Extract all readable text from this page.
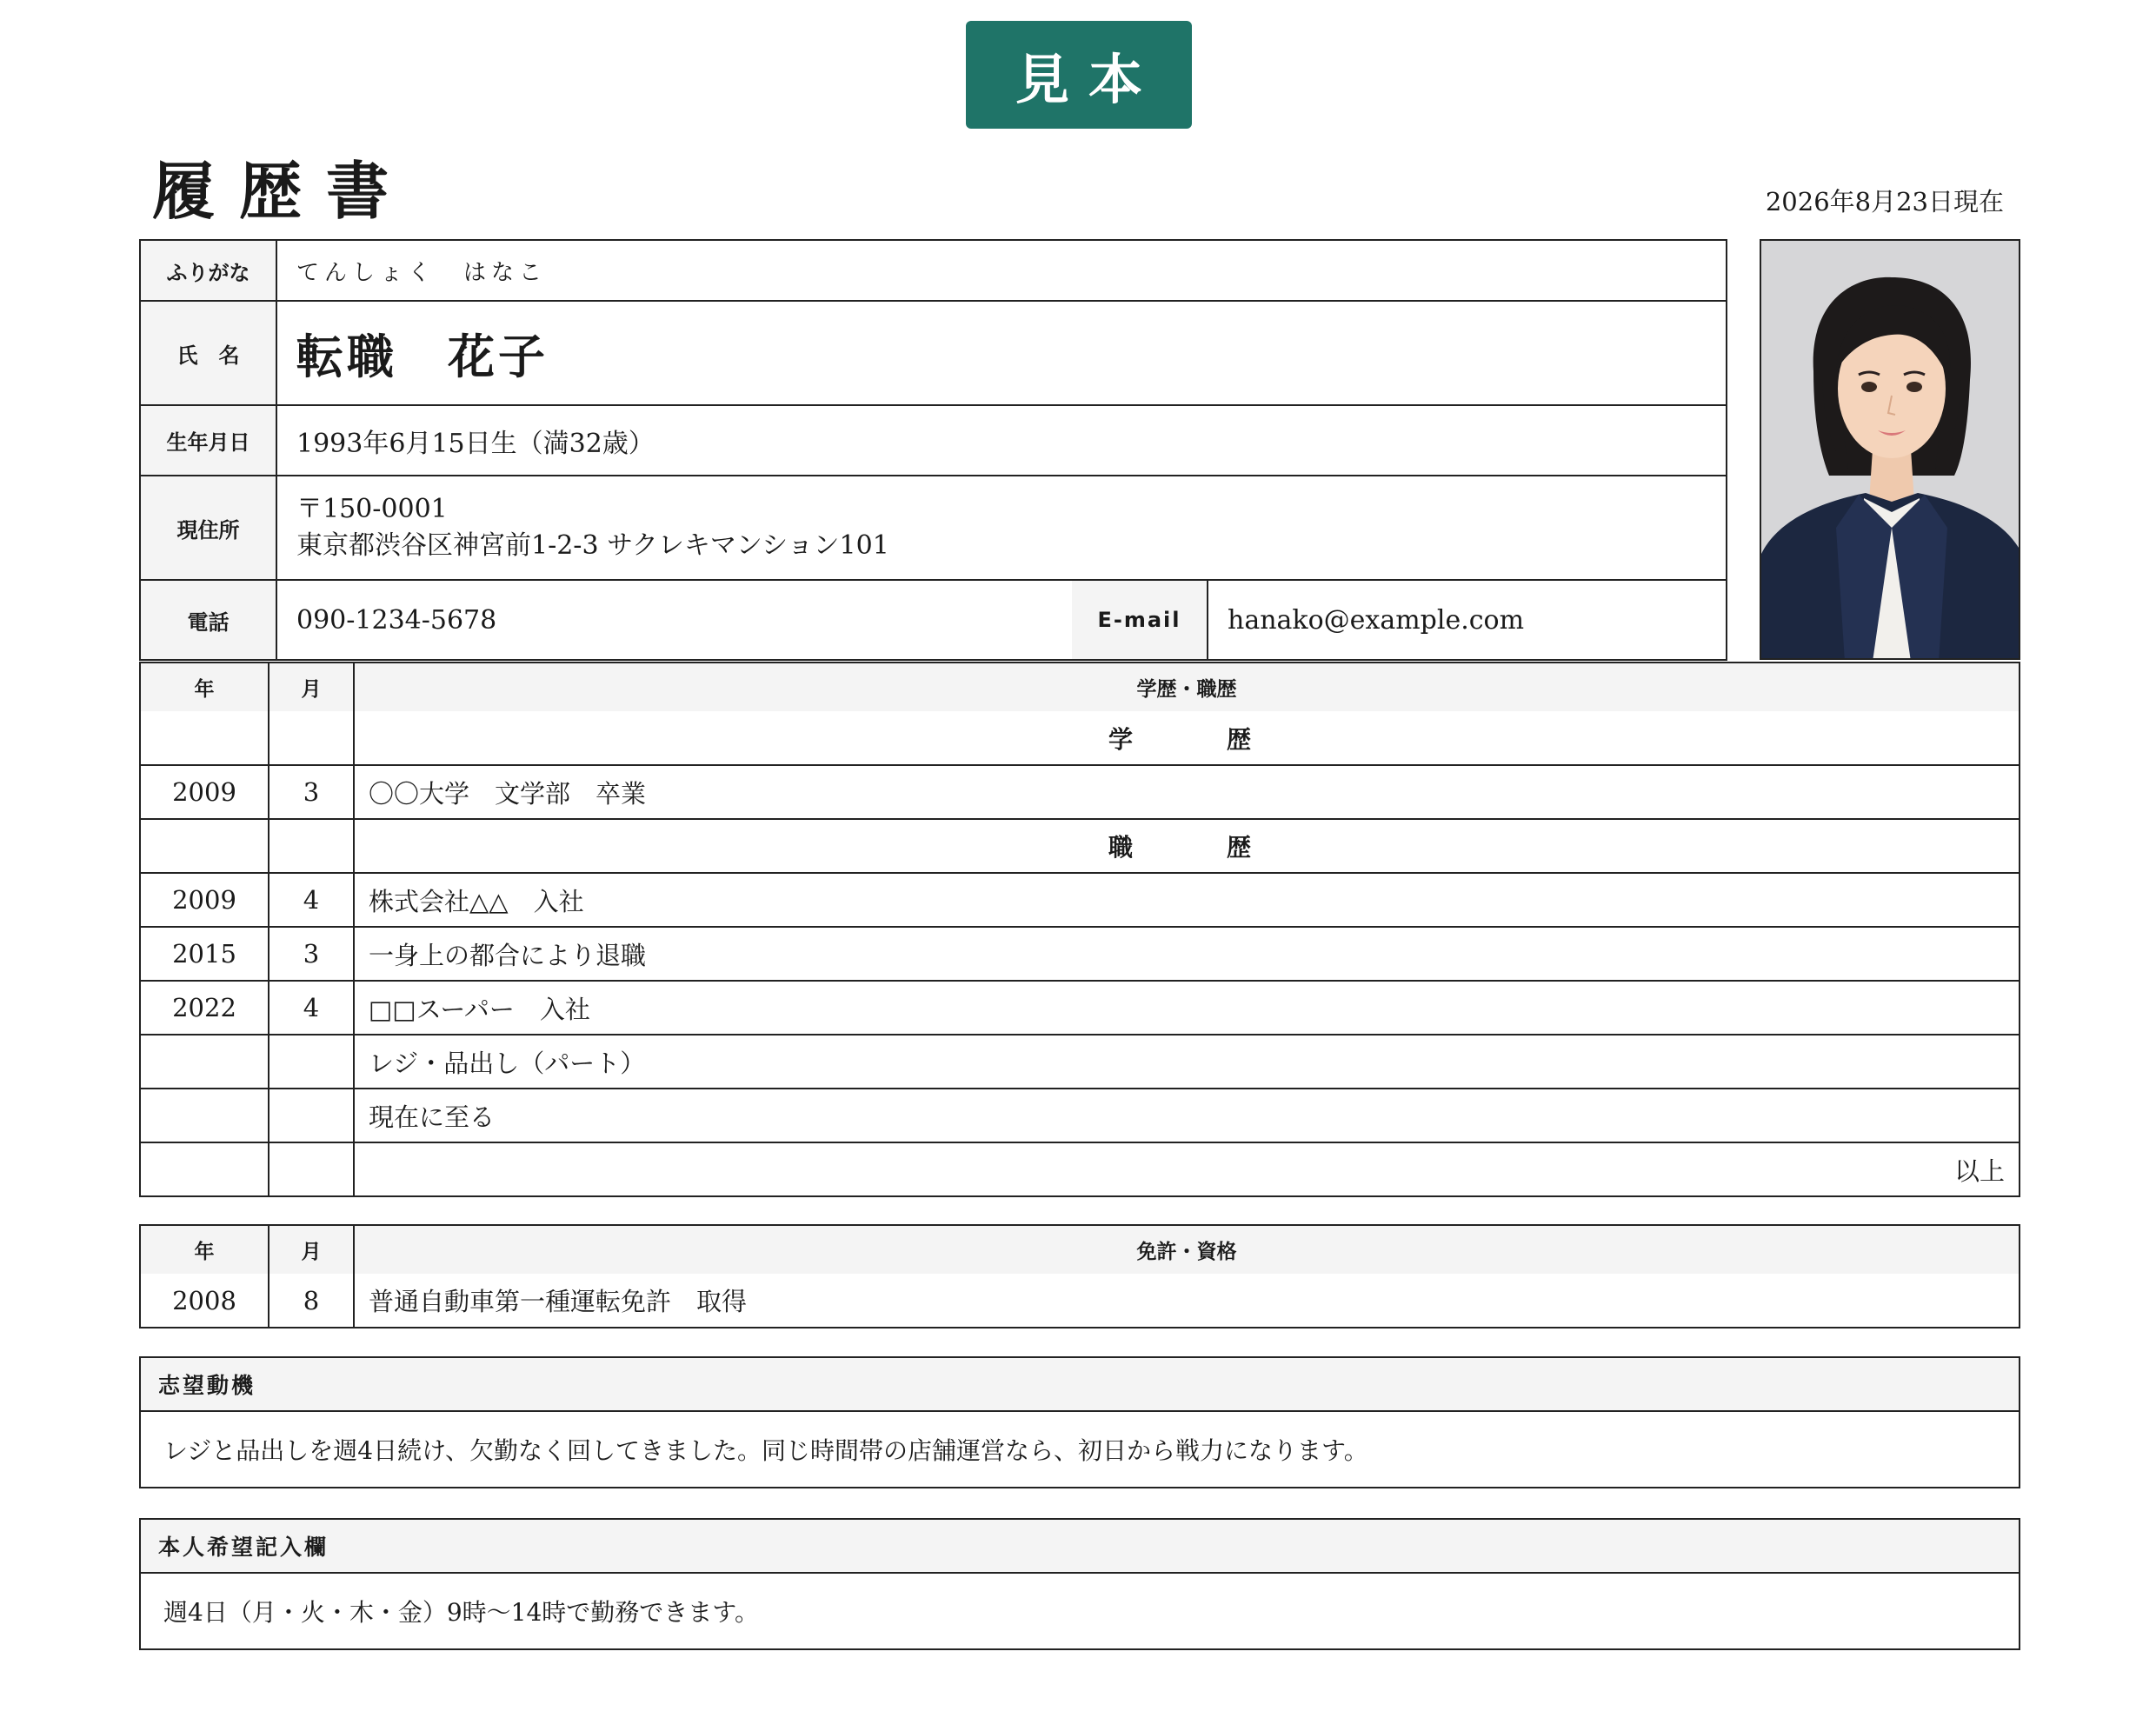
見本
履歴書	2026年8月23日現在
ふりがな	てんしょく　はなこ
氏　名	転職　花子
生年月日	1993年6月15日生（満32歳）
現住所
〒150-0001
東京都渋谷区神宮前1-2-3 サクレキマンション101
電話	090-1234-5678	E-mail	hanako@example.com
年	月	学歴・職歴
		学　歴
2009	3	〇〇大学　文学部　卒業
		職　歴
2009	4	株式会社△△　入社
2015	3	一身上の都合により退職
2022	4	□□スーパー　入社
		レジ・品出し（パート）
		現在に至る
		以上
年	月	免許・資格
2008	8	普通自動車第一種運転免許　取得
志望動機
レジと品出しを週4日続け、欠勤なく回してきました。同じ時間帯の店舗運営なら、初日から戦力になります。
本人希望記入欄
週4日（月・火・木・金）9時〜14時で勤務できます。
